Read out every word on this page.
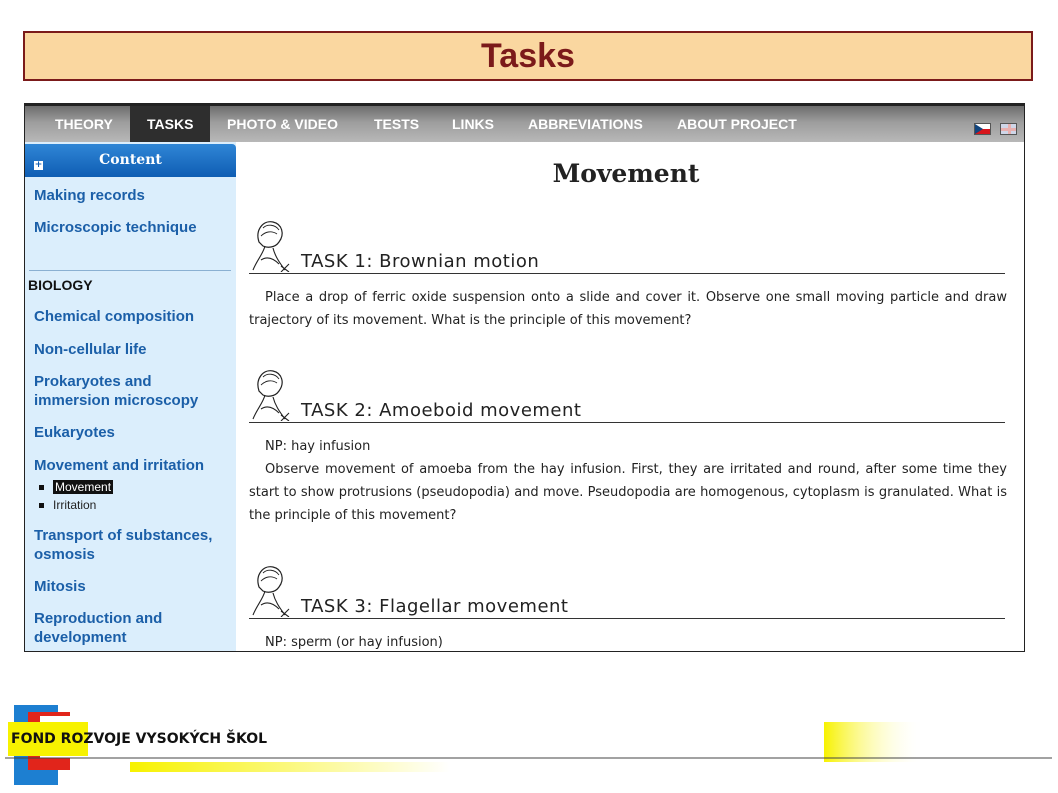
Tasks
THEORY	TASKS	PHOTO & VIDEO	TESTS	LINKS	ABBREVIATIONS	ABOUT PROJECT
+	Content
Making records
Microscopic technique
BIOLOGY
Chemical composition
Non-cellular life
Prokaryotes and
immersion microscopy
Eukaryotes
Movement and irritation
Movement
Irritation
Transport of substances,
osmosis
Mitosis
Reproduction and
development
Movement
TASK 1: Brownian motion

Place a drop of ferric oxide suspension onto a slide and cover it. Observe one small moving particle and draw trajectory of its movement. What is the principle of this movement?

TASK 2: Amoeboid movement

NP: hay infusion

Observe movement of amoeba from the hay infusion. First, they are irritated and round, after some time they start to show protrusions (pseudopodia) and move. Pseudopodia are homogenous, cytoplasm is granulated. What is the principle of this movement?

TASK 3: Flagellar movement

NP: sperm (or hay infusion)

FOND ROZVOJE VYSOKÝCH ŠKOL
